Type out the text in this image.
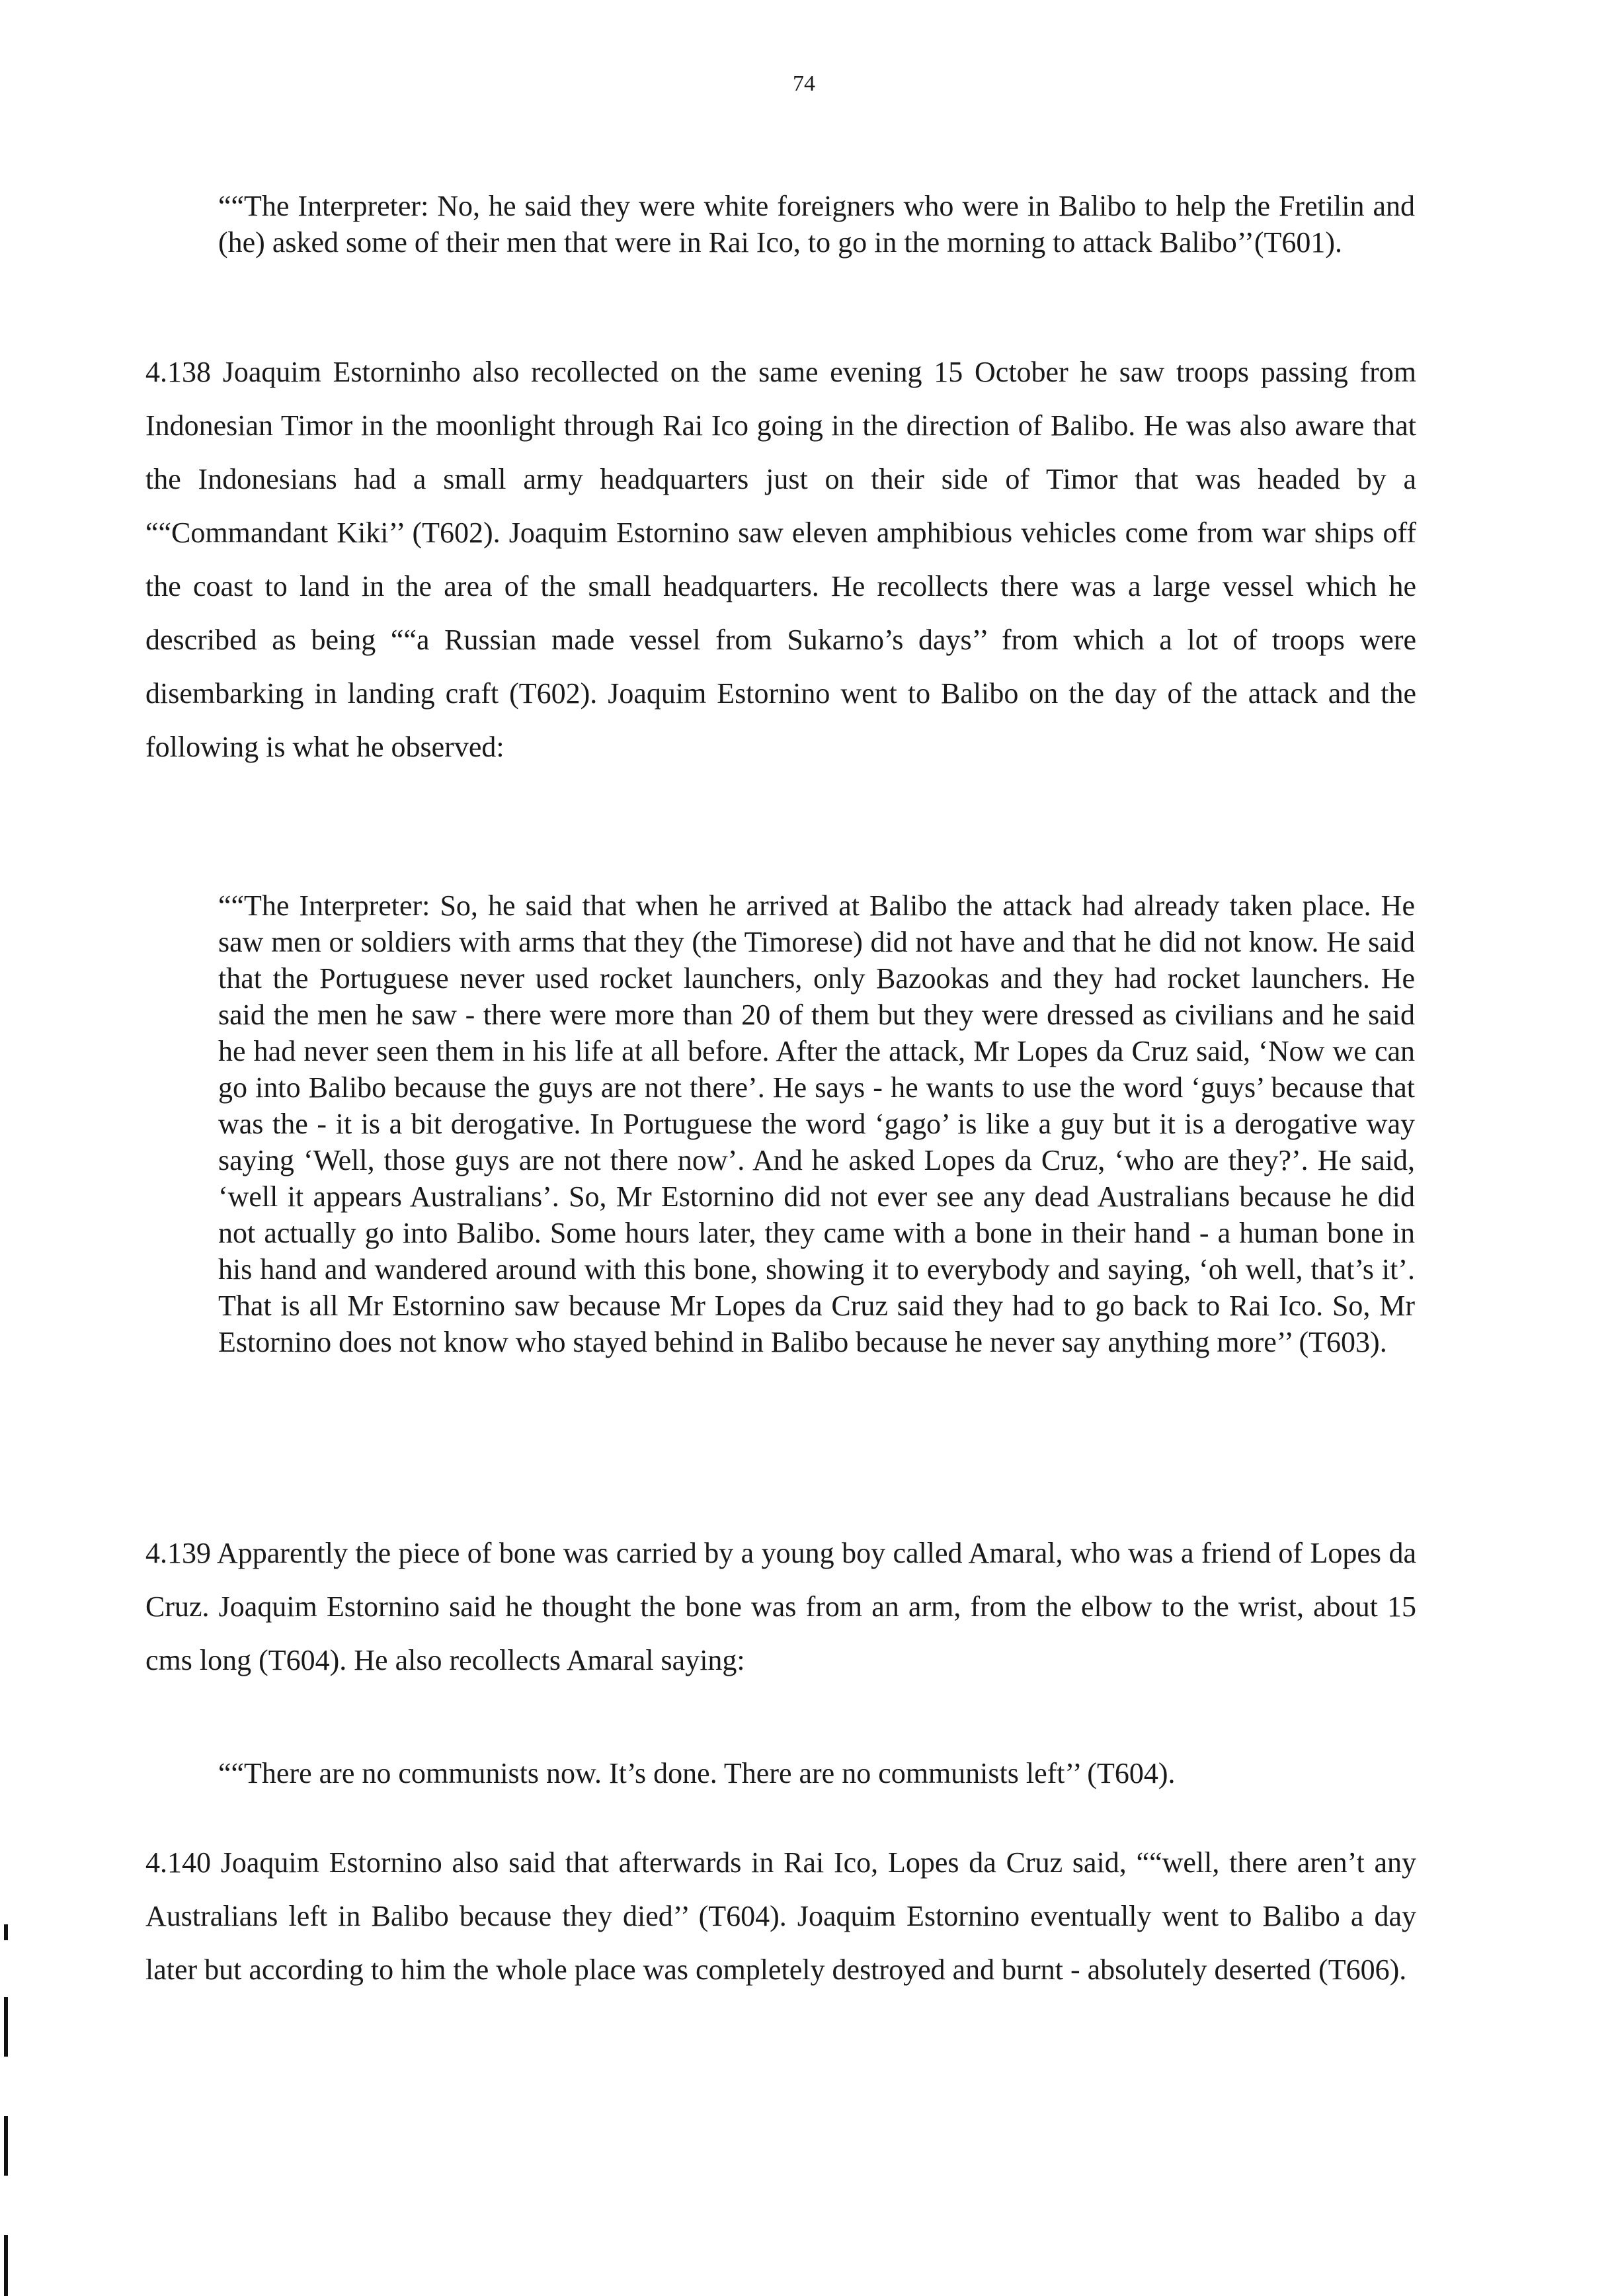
74

““The Interpreter: No, he said they were white foreigners who were in Balibo to help the Fretilin and (he) asked some of their men that were in Rai Ico, to go in the morning to attack Balibo’’(T601).

4.138 Joaquim Estorninho also recollected on the same evening 15 October he saw troops passing from Indonesian Timor in the moonlight through Rai Ico going in the direction of Balibo. He was also aware that the Indonesians had a small army headquarters just on their side of Timor that was headed by a ““Commandant Kiki’’ (T602). Joaquim Estornino saw eleven amphibious vehicles come from war ships off the coast to land in the area of the small headquarters. He recollects there was a large vessel which he described as being ““a Russian made vessel from Sukarno’s days’’ from which a lot of troops were disembarking in landing craft (T602). Joaquim Estornino went to Balibo on the day of the attack and the following is what he observed:

““The Interpreter: So, he said that when he arrived at Balibo the attack had already taken place. He saw men or soldiers with arms that they (the Timorese) did not have and that he did not know. He said that the Portuguese never used rocket launchers, only Bazookas and they had rocket launchers. He said the men he saw - there were more than 20 of them but they were dressed as civilians and he said he had never seen them in his life at all before. After the attack, Mr Lopes da Cruz said, ‘Now we can go into Balibo because the guys are not there’. He says - he wants to use the word ‘guys’ because that was the - it is a bit derogative. In Portuguese the word ‘gago’ is like a guy but it is a derogative way saying ‘Well, those guys are not there now’. And he asked Lopes da Cruz, ‘who are they?’. He said, ‘well it appears Australians’. So, Mr Estornino did not ever see any dead Australians because he did not actually go into Balibo. Some hours later, they came with a bone in their hand - a human bone in his hand and wandered around with this bone, showing it to everybody and saying, ‘oh well, that’s it’. That is all Mr Estornino saw because Mr Lopes da Cruz said they had to go back to Rai Ico. So, Mr Estornino does not know who stayed behind in Balibo because he never say anything more’’ (T603).

4.139 Apparently the piece of bone was carried by a young boy called Amaral, who was a friend of Lopes da Cruz. Joaquim Estornino said he thought the bone was from an arm, from the elbow to the wrist, about 15 cms long (T604). He also recollects Amaral saying:

““There are no communists now. It’s done. There are no communists left’’ (T604).

4.140 Joaquim Estornino also said that afterwards in Rai Ico, Lopes da Cruz said, ““well, there aren’t any Australians left in Balibo because they died’’ (T604). Joaquim Estornino eventually went to Balibo a day later but according to him the whole place was completely destroyed and burnt - absolutely deserted (T606).
